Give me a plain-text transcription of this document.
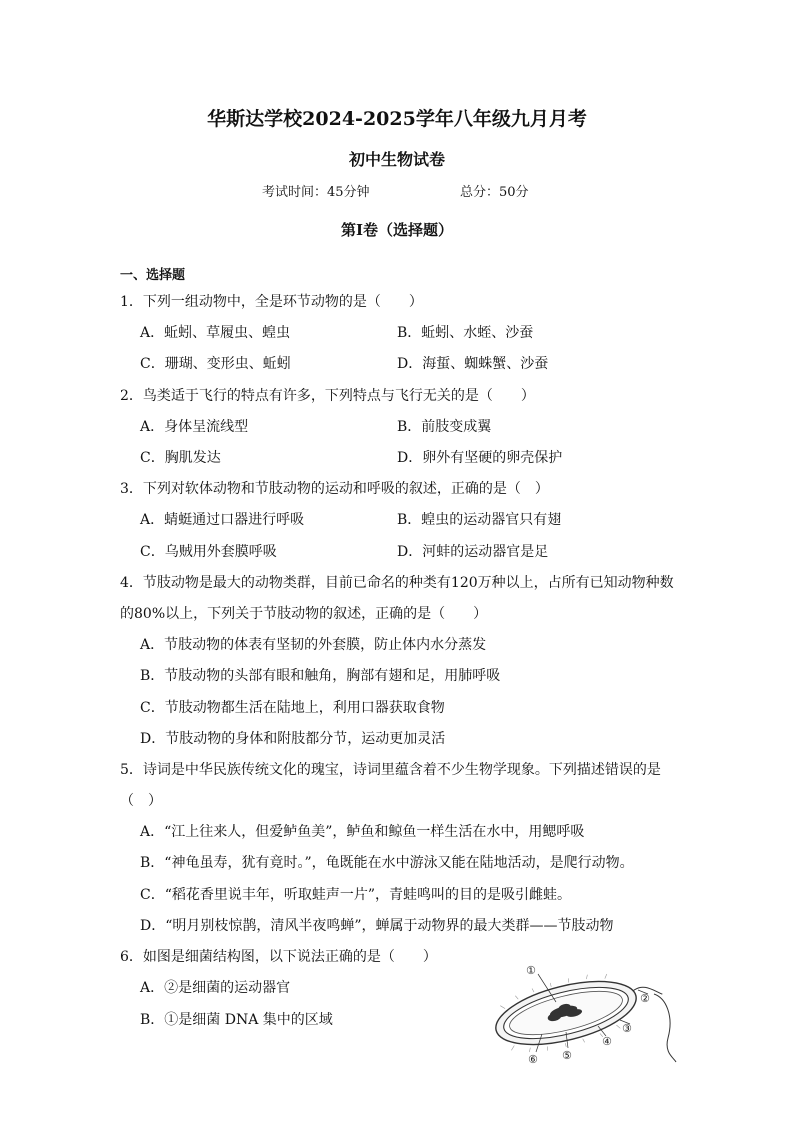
华斯达学校2024-2025学年八年级九月月考
初中生物试卷
考试时间：45分钟	总分：50分
第I卷（选择题）
一、选择题
1．下列一组动物中，全是环节动物的是（　　）
A．蚯蚓、草履虫、蝗虫	B．蚯蚓、水蛭、沙蚕
C．珊瑚、变形虫、蚯蚓	D．海蜇、蜘蛛蟹、沙蚕
2．鸟类适于飞行的特点有许多，下列特点与飞行无关的是（　　）
A．身体呈流线型	B．前肢变成翼
C．胸肌发达	D．卵外有坚硬的卵壳保护
3．下列对软体动物和节肢动物的运动和呼吸的叙述，正确的是（　）
A．蜻蜓通过口器进行呼吸	B．蝗虫的运动器官只有翅
C．乌贼用外套膜呼吸	D．河蚌的运动器官是足
4．节肢动物是最大的动物类群，目前已命名的种类有120万种以上，占所有已知动物种数
的80%以上，下列关于节肢动物的叙述，正确的是（　　）
A．节肢动物的体表有坚韧的外套膜，防止体内水分蒸发
B．节肢动物的头部有眼和触角，胸部有翅和足，用肺呼吸
C．节肢动物都生活在陆地上，利用口器获取食物
D．节肢动物的身体和附肢都分节，运动更加灵活
5．诗词是中华民族传统文化的瑰宝，诗词里蕴含着不少生物学现象。下列描述错误的是
（　）
A．“江上往来人，但爱鲈鱼美”，鲈鱼和鲸鱼一样生活在水中，用鳃呼吸
B．“神龟虽寿，犹有竟时。”，龟既能在水中游泳又能在陆地活动，是爬行动物。
C．“稻花香里说丰年，听取蛙声一片”，青蛙鸣叫的目的是吸引雌蛙。
D．“明月别枝惊鹊，清风半夜鸣蝉”，蝉属于动物界的最大类群——节肢动物
6．如图是细菌结构图，以下说法正确的是（　　）
A．②是细菌的运动器官
B．①是细菌 DNA 集中的区域
①
②
③
④
⑤
⑥
